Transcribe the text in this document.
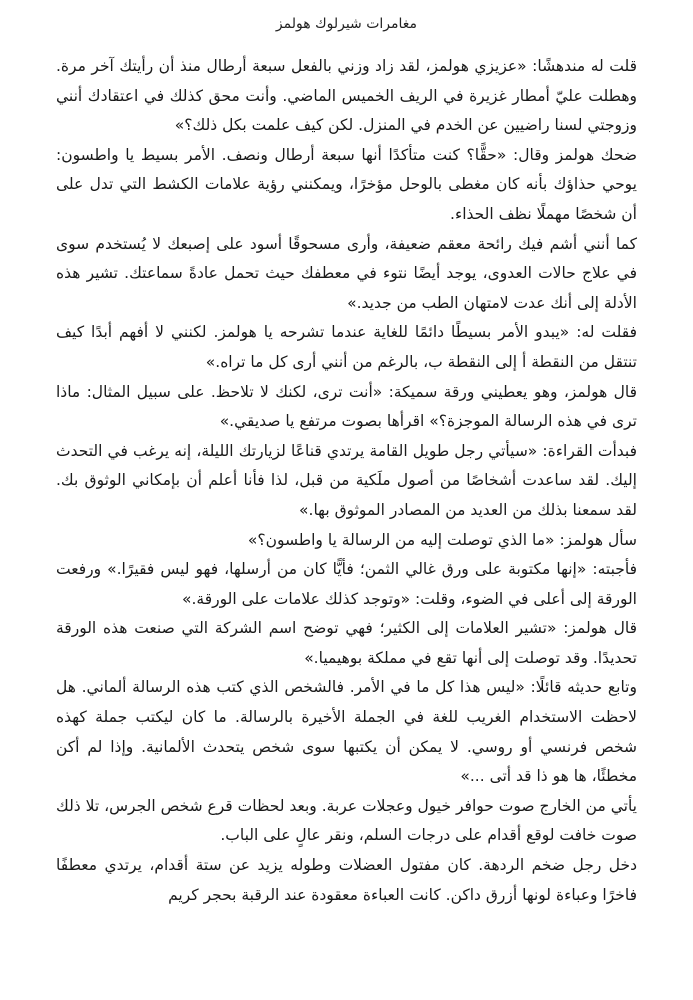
مغامرات شيرلوك هولمز

قلت له مندهشًا: «عزيزي هولمز، لقد زاد وزني بالفعل سبعة أرطال منذ أن رأيتك آخر مرة. وهطلت عليّ أمطار غزيرة في الريف الخميس الماضي. وأنت محق كذلك في اعتقادك أنني وزوجتي لسنا راضيين عن الخدم في المنزل. لكن كيف علمت بكل ذلك؟»

ضحك هولمز وقال: «حقًّا؟ كنت متأكدًا أنها سبعة أرطال ونصف. الأمر بسيط يا واطسون: يوحي حذاؤك بأنه كان مغطى بالوحل مؤخرًا، ويمكنني رؤية علامات الكشط التي تدل على أن شخصًا مهملًا نظف الحذاء.

كما أنني أشم فيك رائحة معقم ضعيفة، وأرى مسحوقًا أسود على إصبعك لا يُستخدم سوى في علاج حالات العدوى، يوجد أيضًا نتوء في معطفك حيث تحمل عادةً سماعتك. تشير هذه الأدلة إلى أنك عدت لامتهان الطب من جديد.»

فقلت له: «يبدو الأمر بسيطًا دائمًا للغاية عندما تشرحه يا هولمز. لكنني لا أفهم أبدًا كيف تنتقل من النقطة أ إلى النقطة ب، بالرغم من أنني أرى كل ما تراه.»

قال هولمز، وهو يعطيني ورقة سميكة: «أنت ترى، لكنك لا تلاحظ. على سبيل المثال: ماذا ترى في هذه الرسالة الموجزة؟» اقرأها بصوت مرتفع يا صديقي.»

فبدأت القراءة: «سيأتي رجل طويل القامة يرتدي قناعًا لزيارتك الليلة، إنه يرغب في التحدث إليك. لقد ساعدت أشخاصًا من أصول ملَكية من قبل، لذا فأنا أعلم أن بإمكاني الوثوق بك. لقد سمعنا بذلك من العديد من المصادر الموثوق بها.»

سأل هولمز: «ما الذي توصلت إليه من الرسالة يا واطسون؟»

فأجبته: «إنها مكتوبة على ورق غالي الثمن؛ فأيًّا كان من أرسلها، فهو ليس فقيرًا.» ورفعت الورقة إلى أعلى في الضوء، وقلت: «وتوجد كذلك علامات على الورقة.»

قال هولمز: «تشير العلامات إلى الكثير؛ فهي توضح اسم الشركة التي صنعت هذه الورقة تحديدًا. وقد توصلت إلى أنها تقع في مملكة بوهيميا.»

وتابع حديثه قائلًا: «ليس هذا كل ما في الأمر. فالشخص الذي كتب هذه الرسالة ألماني. هل لاحظت الاستخدام الغريب للغة في الجملة الأخيرة بالرسالة. ما كان ليكتب جملة كهذه شخص فرنسي أو روسي. لا يمكن أن يكتبها سوى شخص يتحدث الألمانية. وإذا لم أكن مخطئًا، ها هو ذا قد أتى ...»

يأتي من الخارج صوت حوافر خيول وعجلات عربة. وبعد لحظات قرع شخص الجرس، تلا ذلك صوت خافت لوقع أقدام على درجات السلم، ونقر عالٍ على الباب.

دخل رجل ضخم الردهة. كان مفتول العضلات وطوله يزيد عن ستة أقدام، يرتدي معطفًا فاخرًا وعباءة لونها أزرق داكن. كانت العباءة معقودة عند الرقبة بحجر كريم
